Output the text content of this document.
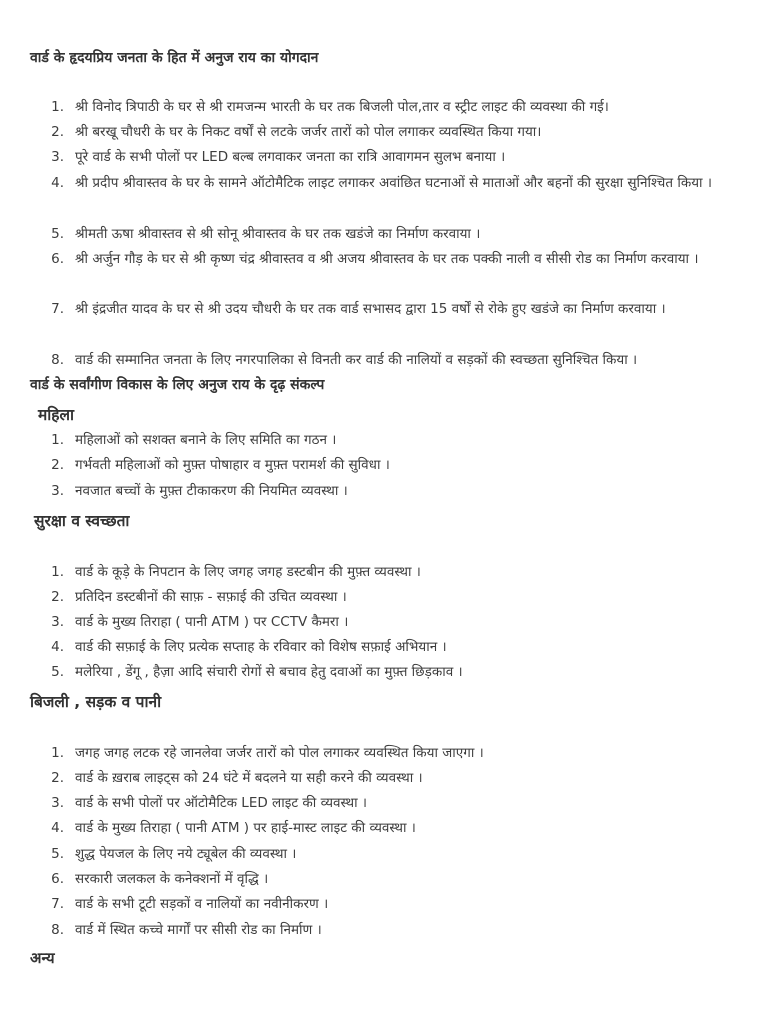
वार्ड के हृदयप्रिय जनता के हित में अनुज राय का योगदान
1. श्री विनोद त्रिपाठी के घर से श्री रामजन्म भारती के घर तक बिजली पोल,तार व स्ट्रीट लाइट की व्यवस्था की गई।
2. श्री बरखू चौधरी के घर के निकट वर्षों से लटके जर्जर तारों को पोल लगाकर व्यवस्थित किया गया।
3. पूरे वार्ड के सभी पोलों पर LED बल्ब लगवाकर जनता का रात्रि आवागमन सुलभ बनाया ।
4. श्री प्रदीप श्रीवास्तव के घर के सामने ऑटोमैटिक लाइट लगाकर अवांछित घटनाओं से माताओं और बहनों की सुरक्षा सुनिश्चित किया ।
5. श्रीमती ऊषा श्रीवास्तव से श्री सोनू श्रीवास्तव के घर तक खडंजे का निर्माण करवाया ।
6. श्री अर्जुन गौड़ के घर से श्री कृष्ण चंद्र श्रीवास्तव व श्री अजय श्रीवास्तव के घर तक पक्की नाली व सीसी रोड का निर्माण करवाया ।
7. श्री इंद्रजीत यादव के घर से श्री उदय चौधरी के घर तक वार्ड सभासद द्वारा 15 वर्षों से रोके हुए खडंजे का निर्माण करवाया ।
8. वार्ड की सम्मानित जनता के लिए नगरपालिका से विनती कर वार्ड की नालियों व सड़कों की स्वच्छता सुनिश्चित किया ।
वार्ड के सर्वांगीण विकास के लिए अनुज राय के दृढ़ संकल्प
महिला
1. महिलाओं को सशक्त बनाने के लिए समिति का गठन ।
2. गर्भवती महिलाओं को मुफ़्त पोषाहार व मुफ़्त परामर्श की सुविधा ।
3. नवजात बच्चों के मुफ़्त टीकाकरण की नियमित व्यवस्था ।
सुरक्षा व स्वच्छता
1. वार्ड के कूड़े के निपटान के लिए जगह जगह डस्टबीन की मुफ़्त व्यवस्था ।
2. प्रतिदिन डस्टबीनों की साफ़ - सफ़ाई की उचित व्यवस्था ।
3. वार्ड के मुख्य तिराहा ( पानी ATM ) पर CCTV कैमरा ।
4. वार्ड की सफ़ाई के लिए प्रत्येक सप्ताह के रविवार को विशेष सफ़ाई अभियान ।
5. मलेरिया , डेंगू , हैज़ा आदि संचारी रोगों से बचाव हेतु दवाओं का मुफ़्त छिड़काव ।
बिजली , सड़क व पानी
1. जगह जगह लटक रहे जानलेवा जर्जर तारों को पोल लगाकर व्यवस्थित किया जाएगा ।
2. वार्ड के ख़राब लाइट्स को 24 घंटे में बदलने या सही करने की व्यवस्था ।
3. वार्ड के सभी पोलों पर ऑटोमैटिक LED लाइट की व्यवस्था ।
4. वार्ड के मुख्य तिराहा ( पानी ATM ) पर हाई-मास्ट लाइट की व्यवस्था ।
5. शुद्ध पेयजल के लिए नये ट्यूबेल की व्यवस्था ।
6. सरकारी जलकल के कनेक्शनों में वृद्धि ।
7. वार्ड के सभी टूटी सड़कों व नालियों का नवीनीकरण ।
8. वार्ड में स्थित कच्चे मार्गों पर सीसी रोड का निर्माण ।
अन्य
